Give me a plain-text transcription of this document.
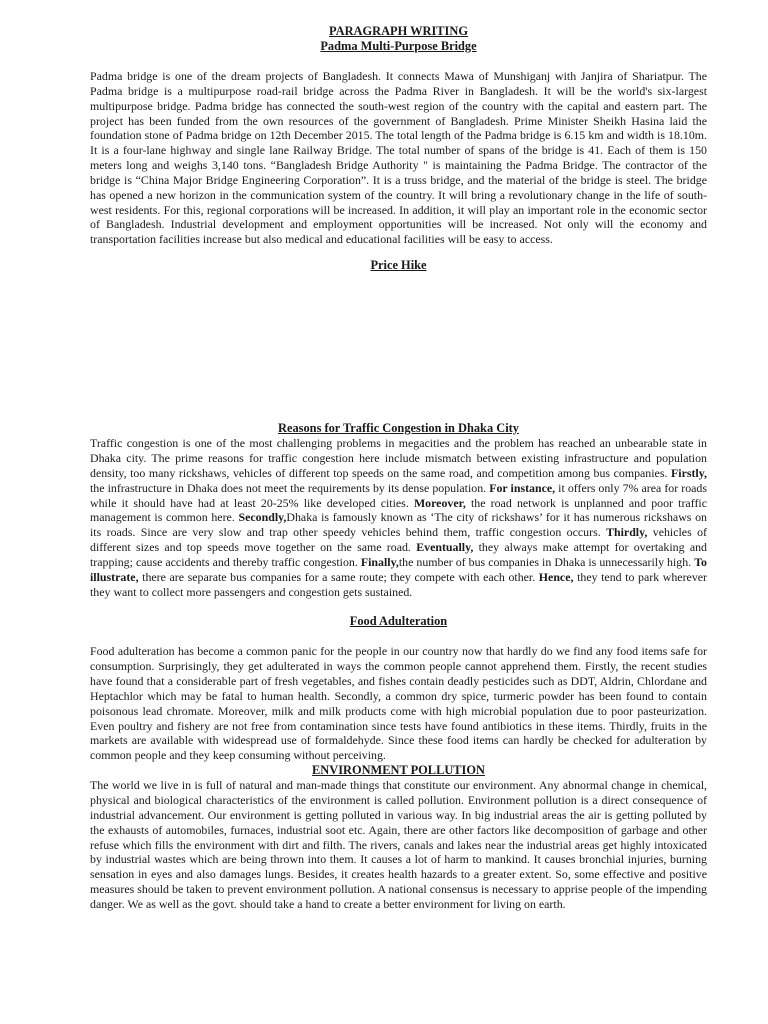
PARAGRAPH WRITING
Padma Multi-Purpose Bridge

Padma bridge is one of the dream projects of Bangladesh. It connects Mawa of Munshiganj with Janjira of Shariatpur. The Padma bridge is a multipurpose road-rail bridge across the Padma River in Bangladesh. It will be the world's six-largest multipurpose bridge. Padma bridge has connected the south-west region of the country with the capital and eastern part. The project has been funded from the own resources of the government of Bangladesh. Prime Minister Sheikh Hasina laid the foundation stone of Padma bridge on 12th December 2015. The total length of the Padma bridge is 6.15 km and width is 18.10m. It is a four-lane highway and single lane Railway Bridge. The total number of spans of the bridge is 41. Each of them is 150 meters long and weighs 3,140 tons. “Bangladesh Bridge Authority " is maintaining the Padma Bridge. The contractor of the bridge is “China Major Bridge Engineering Corporation”. It is a truss bridge, and the material of the bridge is steel. The bridge has opened a new horizon in the communication system of the country. It will bring a revolutionary change in the life of south-west residents. For this, regional corporations will be increased. In addition, it will play an important role in the economic sector of Bangladesh. Industrial development and employment opportunities will be increased. Not only will the economy and transportation facilities increase but also medical and educational facilities will be easy to access.

Price Hike
Reasons for Traffic Congestion in Dhaka City

Traffic congestion is one of the most challenging problems in megacities and the problem has reached an unbearable state in Dhaka city. The prime reasons for traffic congestion here include mismatch between existing infrastructure and population density, too many rickshaws, vehicles of different top speeds on the same road, and competition among bus companies. Firstly, the infrastructure in Dhaka does not meet the requirements by its dense population. For instance, it offers only 7% area for roads while it should have had at least 20-25% like developed cities. Moreover, the road network is unplanned and poor traffic management is common here. Secondly,Dhaka is famously known as ‘The city of rickshaws’ for it has numerous rickshaws on its roads. Since are very slow and trap other speedy vehicles behind them, traffic congestion occurs. Thirdly, vehicles of different sizes and top speeds move together on the same road. Eventually, they always make attempt for overtaking and trapping; cause accidents and thereby traffic congestion. Finally,the number of bus companies in Dhaka is unnecessarily high. To illustrate, there are separate bus companies for a same route; they compete with each other. Hence, they tend to park wherever they want to collect more passengers and congestion gets sustained.

Food Adulteration

Food adulteration has become a common panic for the people in our country now that hardly do we find any food items safe for consumption. Surprisingly, they get adulterated in ways the common people cannot apprehend them. Firstly, the recent studies have found that a considerable part of fresh vegetables, and fishes contain deadly pesticides such as DDT, Aldrin, Chlordane and Heptachlor which may be fatal to human health. Secondly, a common dry spice, turmeric powder has been found to contain poisonous lead chromate. Moreover, milk and milk products come with high microbial population due to poor pasteurization. Even poultry and fishery are not free from contamination since tests have found antibiotics in these items. Thirdly, fruits in the markets are available with widespread use of formaldehyde. Since these food items can hardly be checked for adulteration by common people and they keep consuming without perceiving.

ENVIRONMENT POLLUTION

The world we live in is full of natural and man-made things that constitute our environment. Any abnormal change in chemical, physical and biological characteristics of the environment is called pollution. Environment pollution is a direct consequence of industrial advancement. Our environment is getting polluted in various way. In big industrial areas the air is getting polluted by the exhausts of automobiles, furnaces, industrial soot etc. Again, there are other factors like decomposition of garbage and other refuse which fills the environment with dirt and filth. The rivers, canals and lakes near the industrial areas get highly intoxicated by industrial wastes which are being thrown into them. It causes a lot of harm to mankind. It causes bronchial injuries, burning sensation in eyes and also damages lungs. Besides, it creates health hazards to a greater extent. So, some effective and positive measures should be taken to prevent environment pollution. A national consensus is necessary to apprise people of the impending danger. We as well as the govt. should take a hand to create a better environment for living on earth.
